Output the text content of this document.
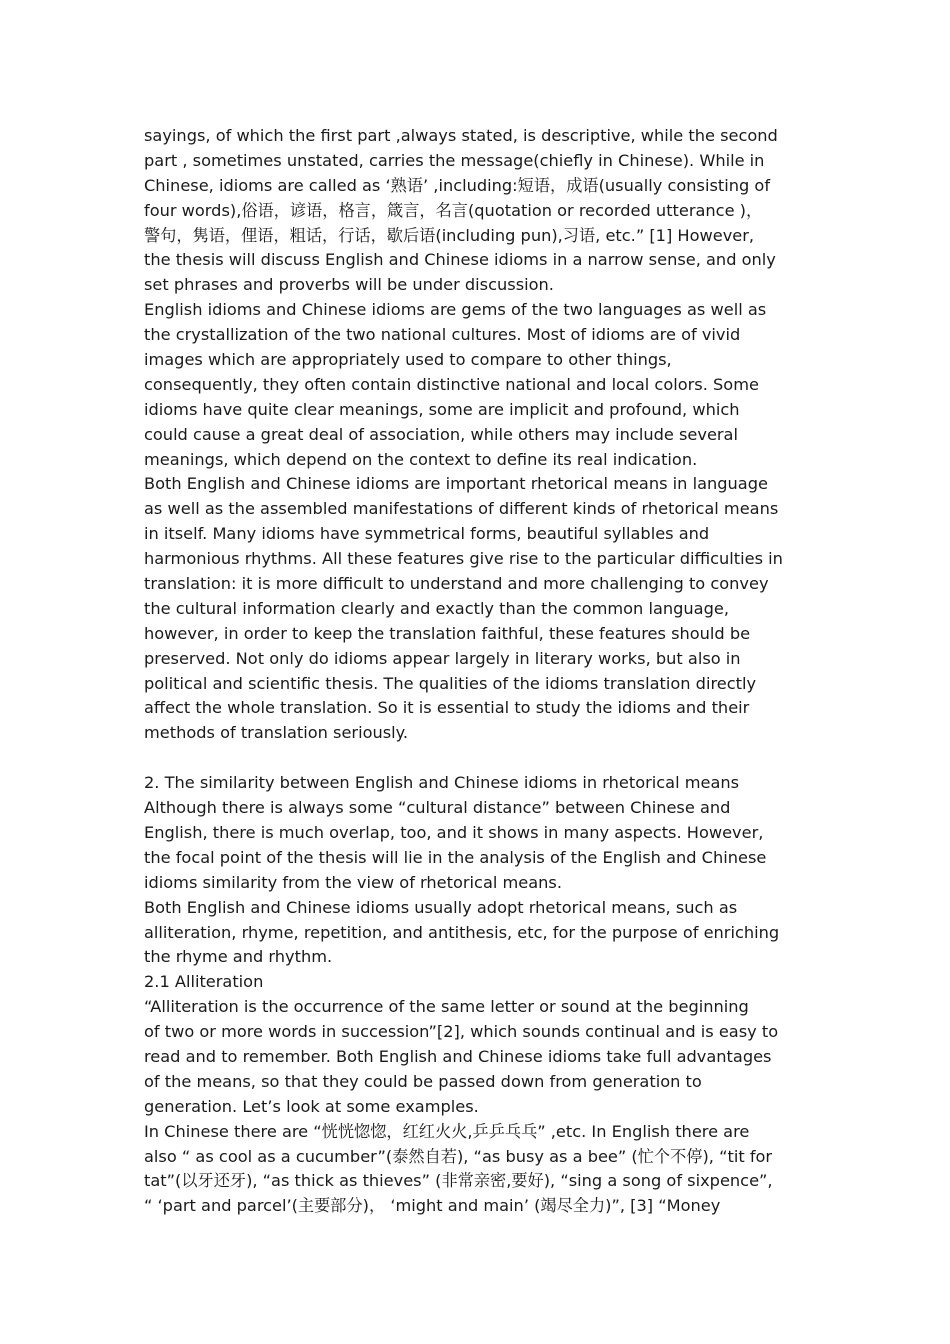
sayings, of which the first part ,always stated, is descriptive, while the second
part , sometimes unstated, carries the message(chiefly in Chinese). While in
Chinese, idioms are called as ‘熟语’ ,including:短语，成语(usually consisting of
four words),俗语，谚语，格言，箴言，名言(quotation or recorded utterance )，
警句，隽语，俚语，粗话，行话，歇后语(including pun),习语, etc.” [1] However,
the thesis will discuss English and Chinese idioms in a narrow sense, and only
set phrases and proverbs will be under discussion.
English idioms and Chinese idioms are gems of the two languages as well as
the crystallization of the two national cultures. Most of idioms are of vivid
images which are appropriately used to compare to other things,
consequently, they often contain distinctive national and local colors. Some
idioms have quite clear meanings, some are implicit and profound, which
could cause a great deal of association, while others may include several
meanings, which depend on the context to define its real indication.
Both English and Chinese idioms are important rhetorical means in language
as well as the assembled manifestations of different kinds of rhetorical means
in itself. Many idioms have symmetrical forms, beautiful syllables and
harmonious rhythms. All these features give rise to the particular difficulties in
translation: it is more difficult to understand and more challenging to convey
the cultural information clearly and exactly than the common language,
however, in order to keep the translation faithful, these features should be
preserved. Not only do idioms appear largely in literary works, but also in
political and scientific thesis. The qualities of the idioms translation directly
affect the whole translation. So it is essential to study the idioms and their
methods of translation seriously.
2. The similarity between English and Chinese idioms in rhetorical means
Although there is always some “cultural distance” between Chinese and
English, there is much overlap, too, and it shows in many aspects. However,
the focal point of the thesis will lie in the analysis of the English and Chinese
idioms similarity from the view of rhetorical means.
Both English and Chinese idioms usually adopt rhetorical means, such as
alliteration, rhyme, repetition, and antithesis, etc, for the purpose of enriching
the rhyme and rhythm.
2.1 Alliteration
“Alliteration is the occurrence of the same letter or sound at the beginning
of two or more words in succession”[2], which sounds continual and is easy to
read and to remember. Both English and Chinese idioms take full advantages
of the means, so that they could be passed down from generation to
generation. Let’s look at some examples.
In Chinese there are “恍恍惚惚，红红火火,乒乒乓乓” ,etc. In English there are
also “ as cool as a cucumber”(泰然自若), “as busy as a bee” (忙个不停), “tit for
tat”(以牙还牙), “as thick as thieves” (非常亲密,要好), “sing a song of sixpence”,
“ ‘part and parcel’(主要部分)， ‘might and main’ (竭尽全力)”, [3] “Money
